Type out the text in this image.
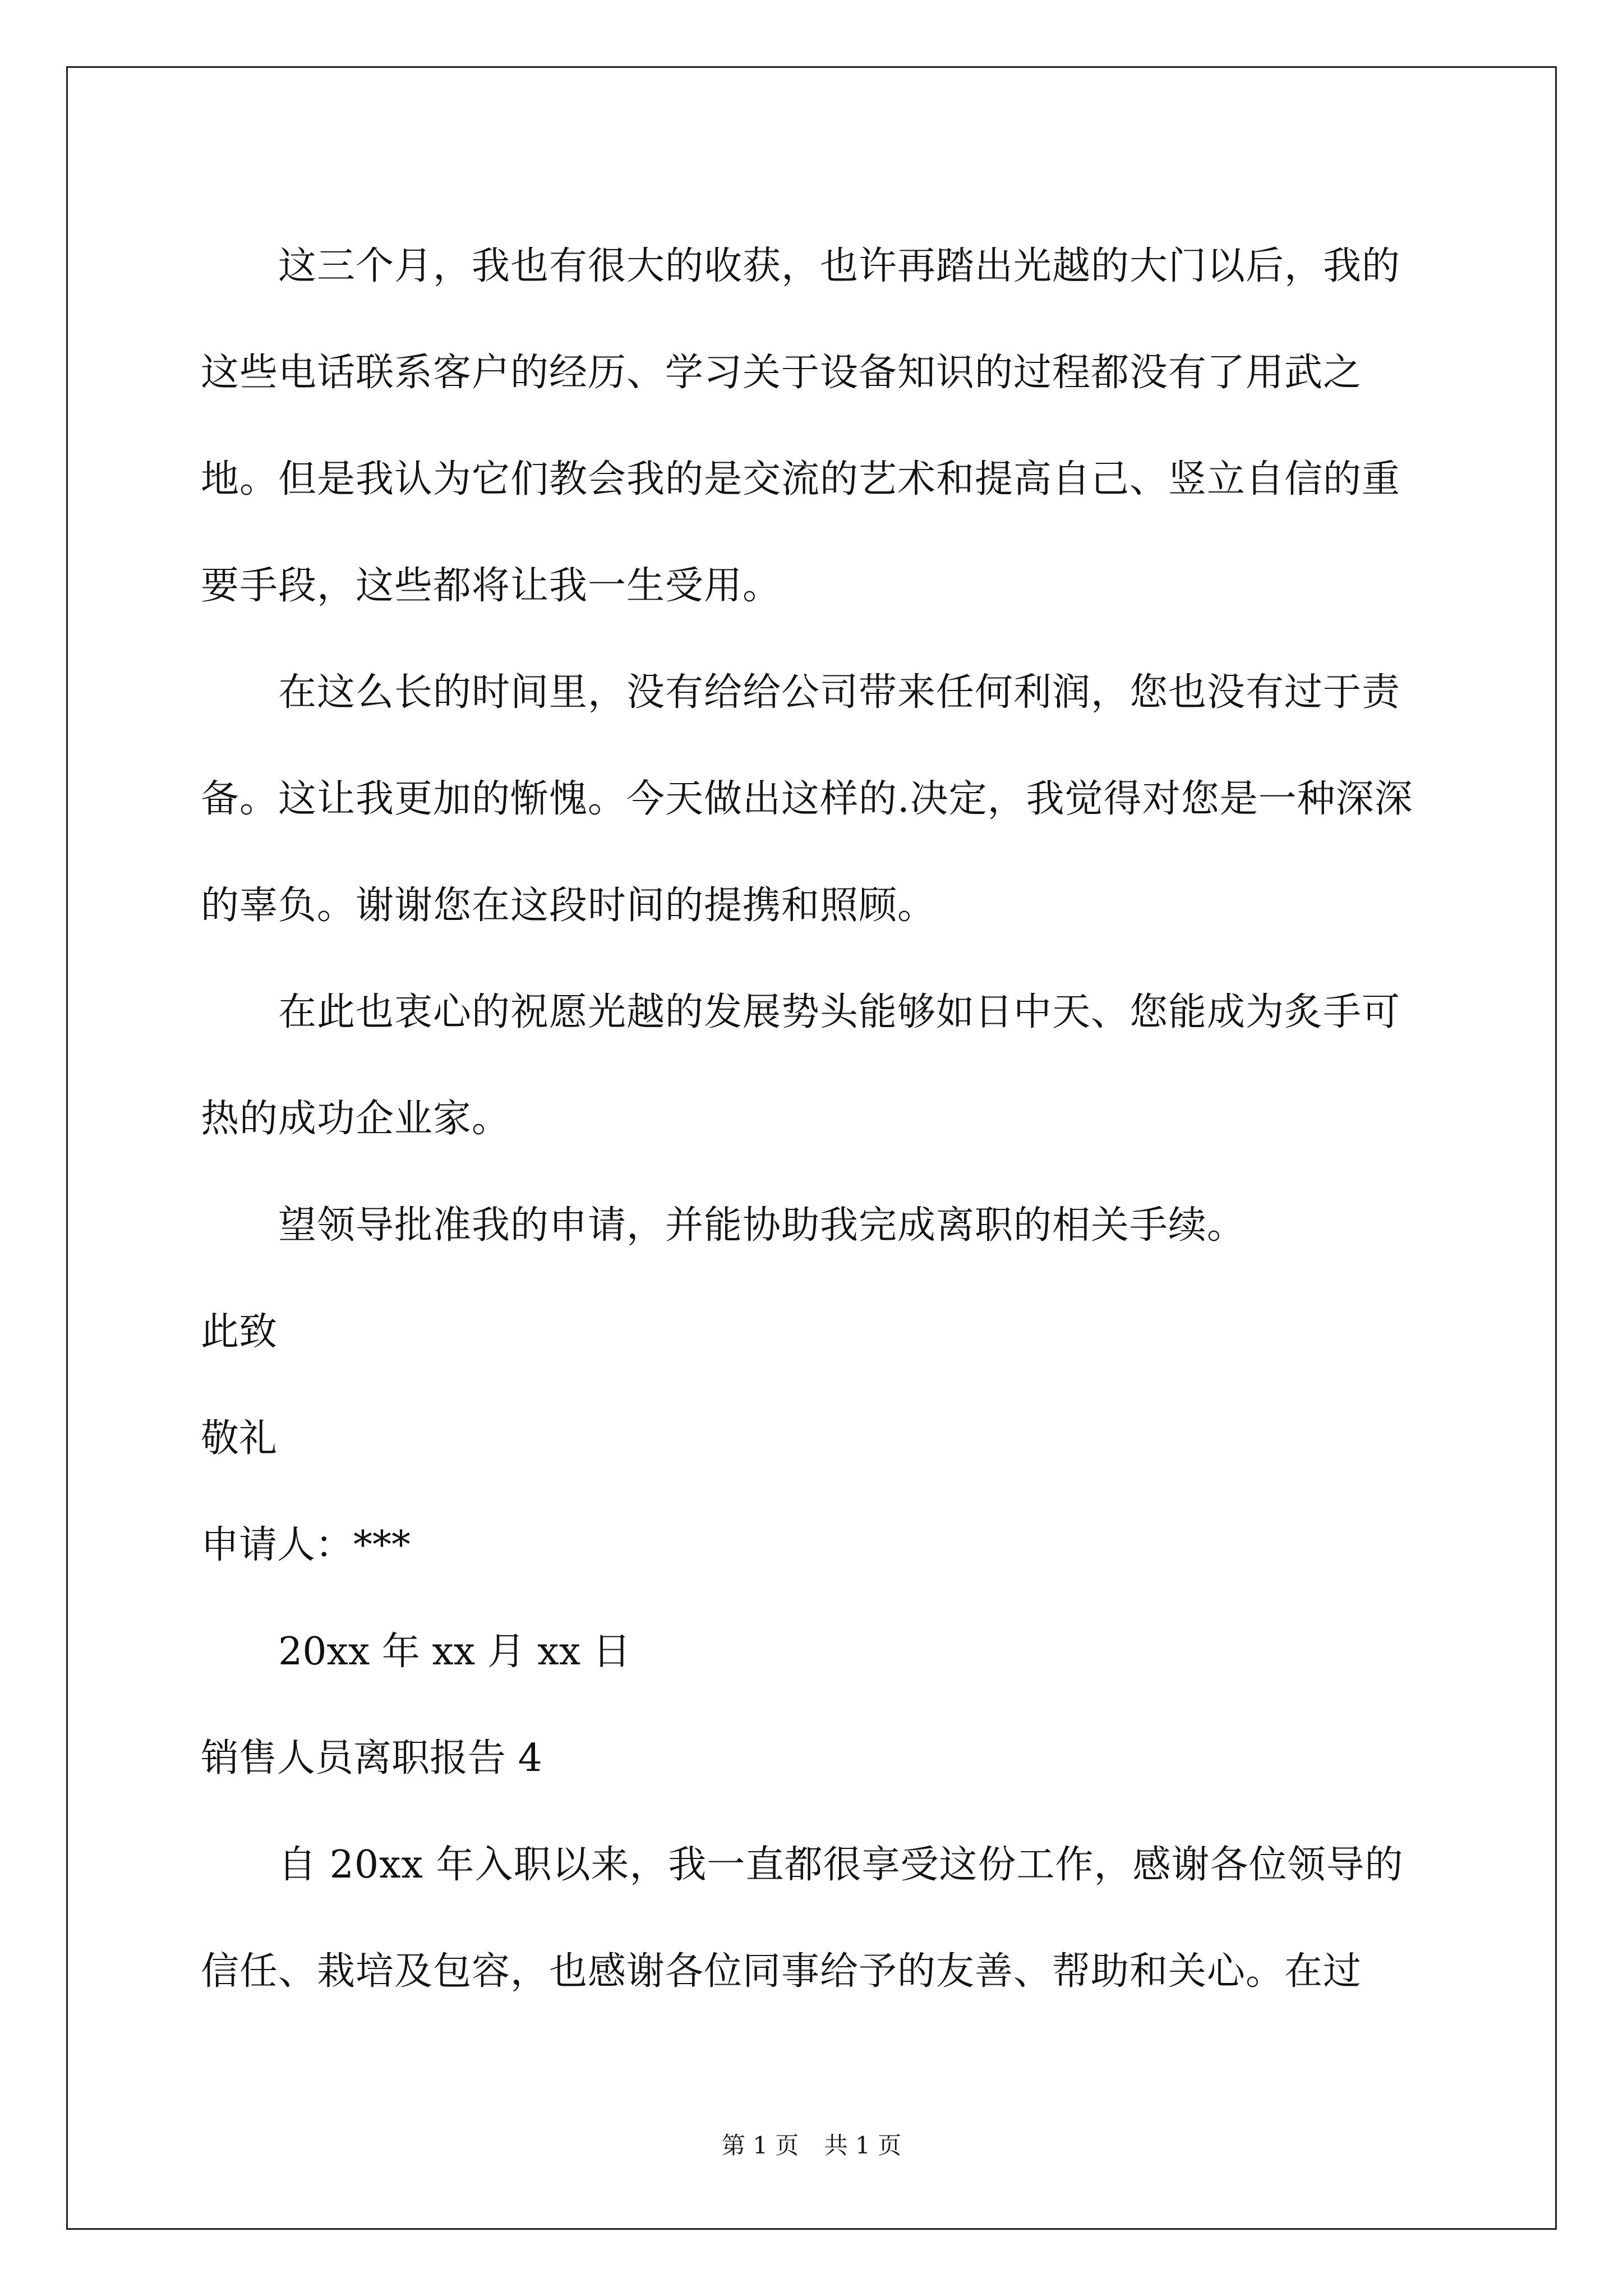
这三个月，我也有很大的收获，也许再踏出光越的大门以后，我的这些电话联系客户的经历、学习关于设备知识的过程都没有了用武之地。但是我认为它们教会我的是交流的艺术和提高自己、竖立自信的重要手段，这些都将让我一生受用。

在这么长的时间里，没有给给公司带来任何利润，您也没有过于责备。这让我更加的惭愧。今天做出这样的.决定，我觉得对您是一种深深的辜负。谢谢您在这段时间的提携和照顾。

在此也衷心的祝愿光越的发展势头能够如日中天、您能成为炙手可热的成功企业家。

望领导批准我的申请，并能协助我完成离职的相关手续。

此致

敬礼

申请人：***

20xx 年 xx 月 xx 日

销售人员离职报告 4

自 20xx 年入职以来，我一直都很享受这份工作，感谢各位领导的信任、栽培及包容，也感谢各位同事给予的友善、帮助和关心。在过

第 1 页 共 1 页
